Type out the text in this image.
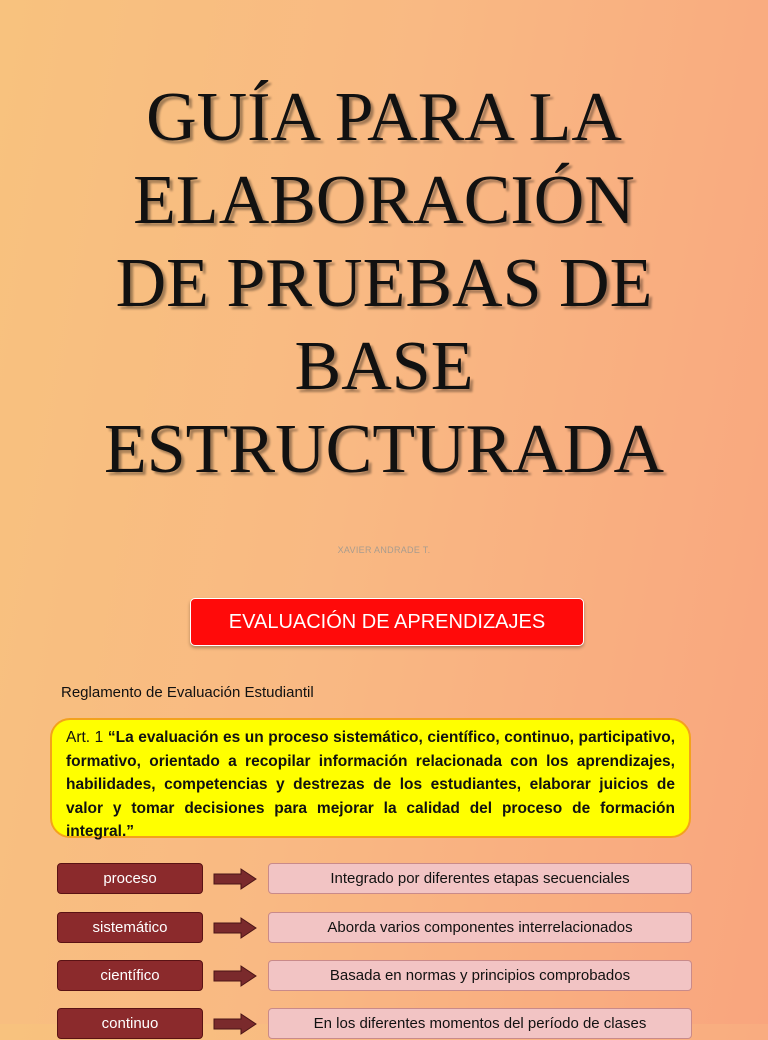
GUÍA PARA LA
ELABORACIÓN
DE PRUEBAS DE
BASE
ESTRUCTURADA
XAVIER ANDRADE T.
EVALUACIÓN DE APRENDIZAJES
Reglamento de Evaluación Estudiantil
Art. 1 “La evaluación es un proceso sistemático, científico, continuo, participativo, formativo, orientado a recopilar información relacionada con los aprendizajes, habilidades, competencias y destrezas de los estudiantes, elaborar juicios de valor y tomar decisiones para mejorar la calidad del proceso de formación integral.”
proceso	Integrado por diferentes etapas secuenciales
sistemático	Aborda varios componentes interrelacionados
científico	Basada en normas y principios comprobados
continuo	En los diferentes momentos del período de clases
